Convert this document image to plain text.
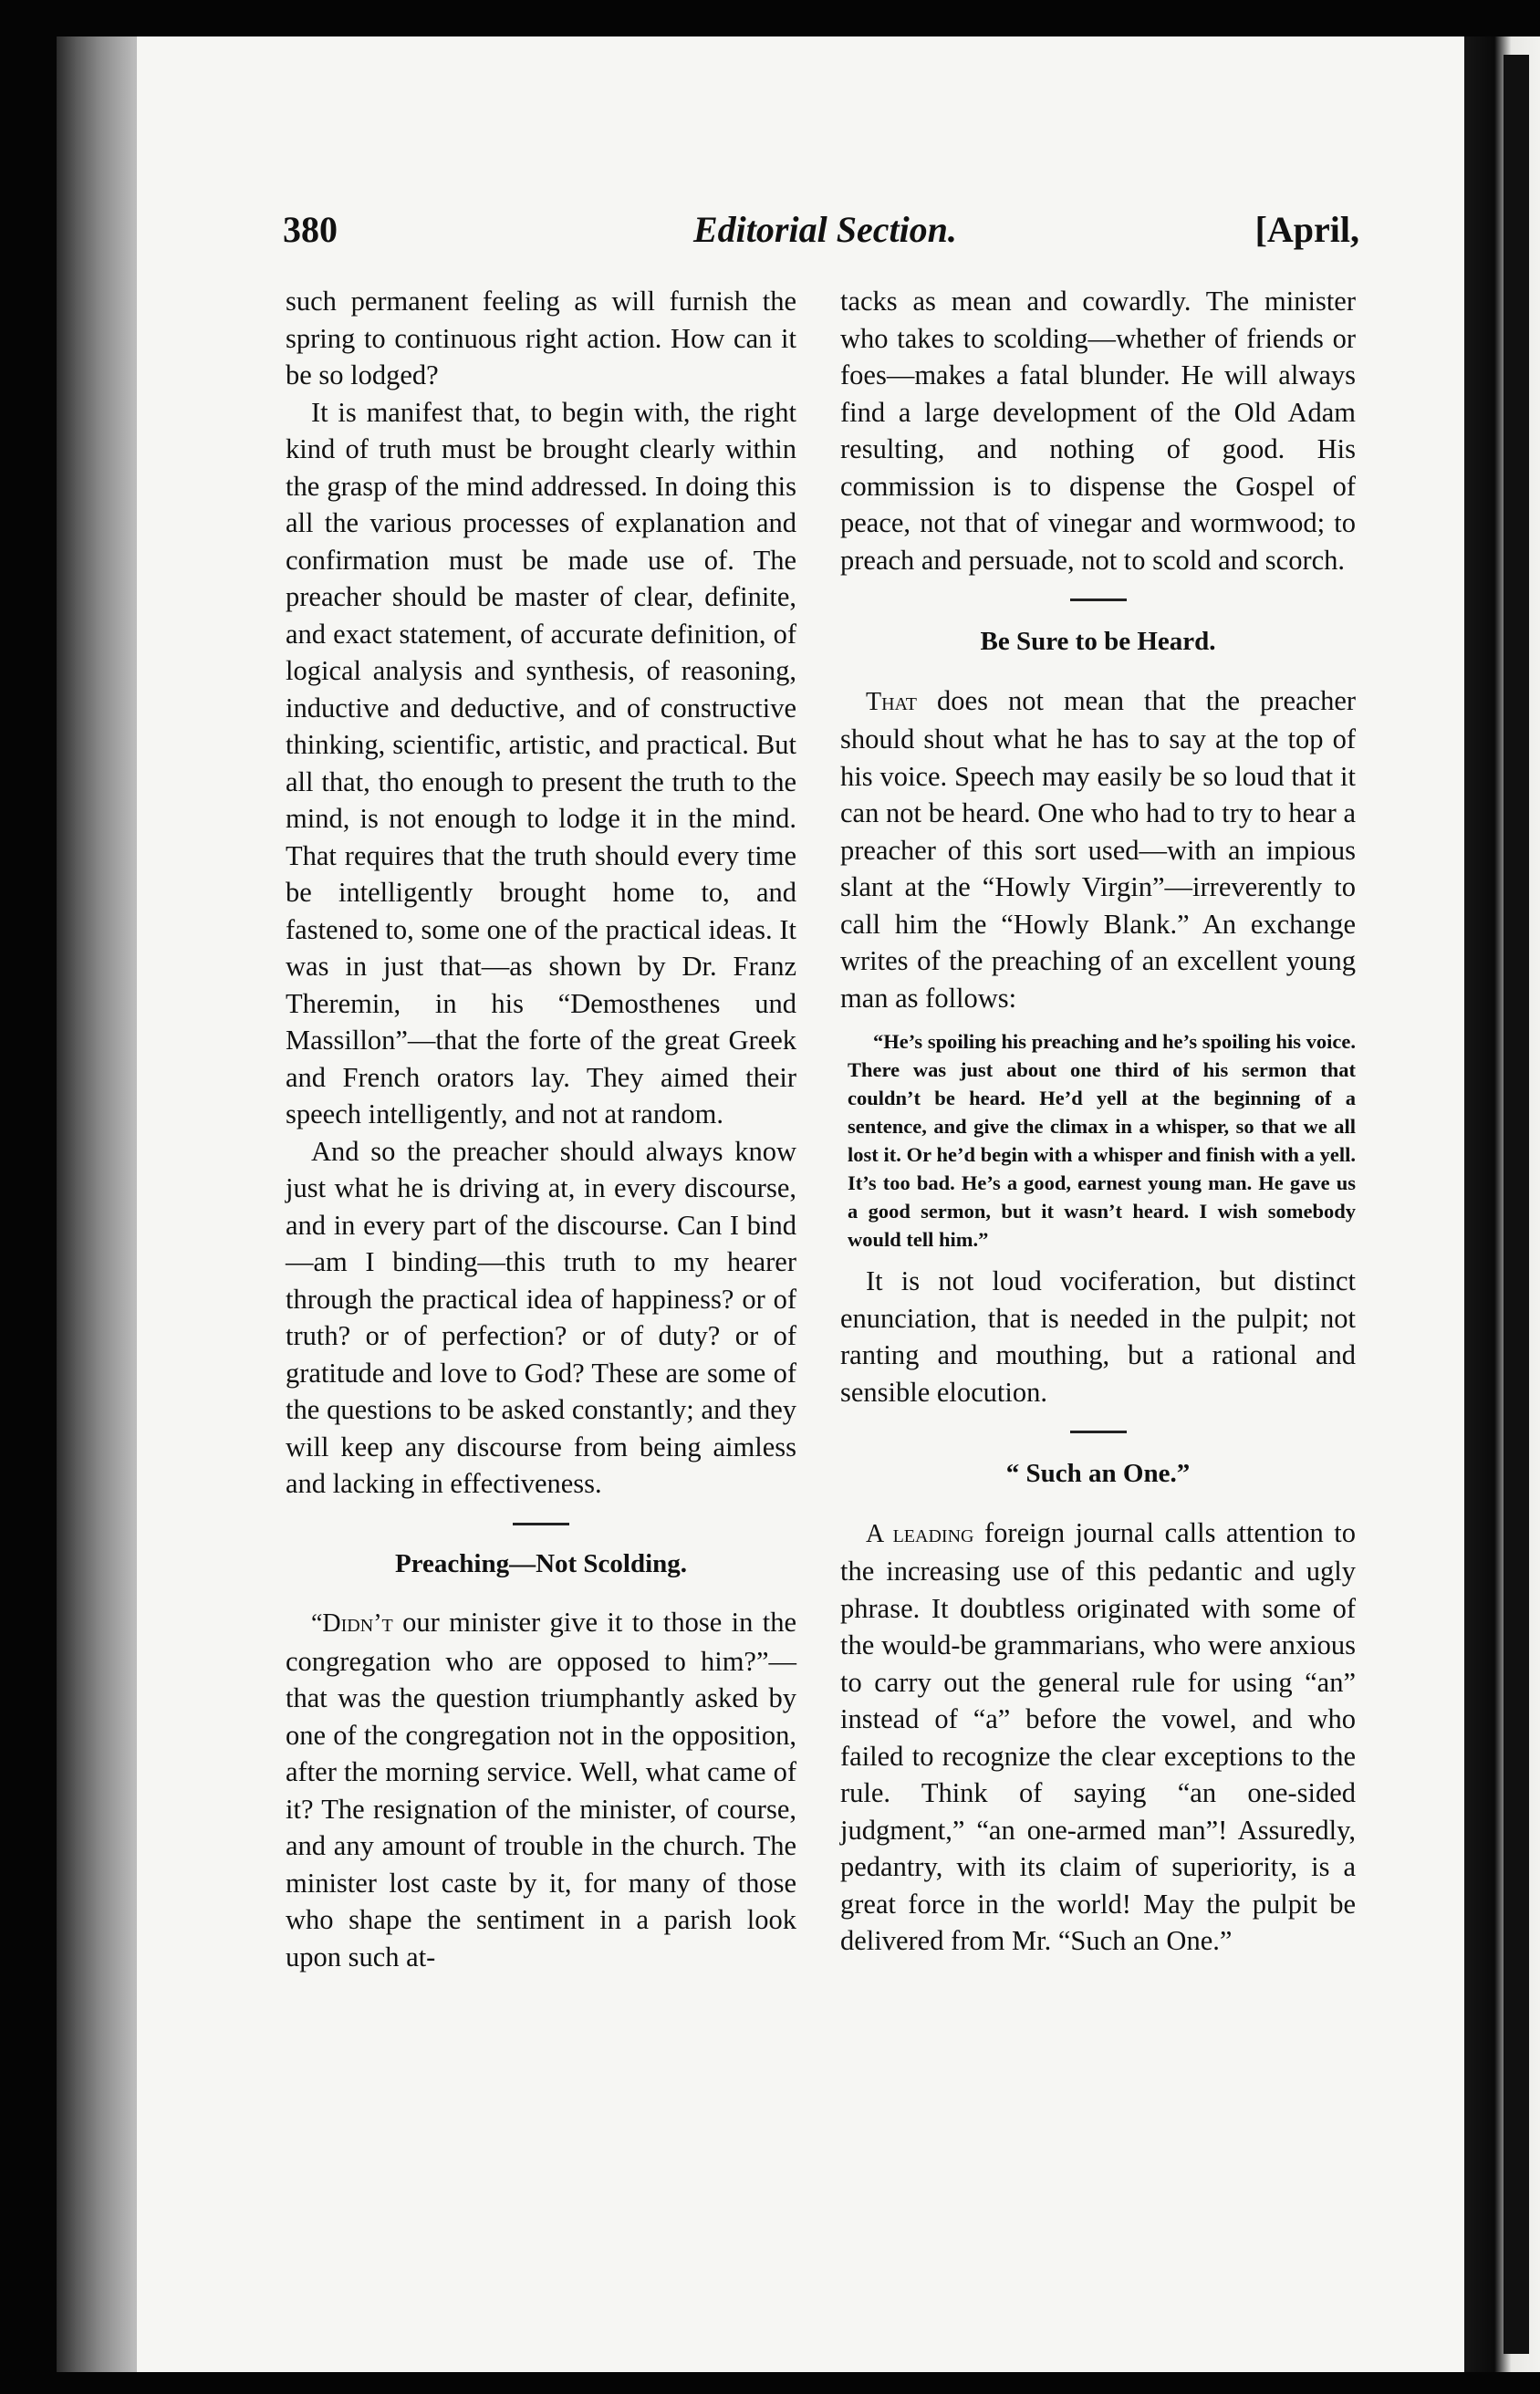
380	Editorial Section.	[April,

such permanent feeling as will furnish the spring to continuous right action. How can it be so lodged?

It is manifest that, to begin with, the right kind of truth must be brought clearly within the grasp of the mind addressed. In doing this all the various processes of explanation and confirmation must be made use of. The preacher should be master of clear, definite, and exact statement, of accurate definition, of logical analysis and synthesis, of reasoning, inductive and deductive, and of constructive thinking, scientific, artistic, and practical. But all that, tho enough to present the truth to the mind, is not enough to lodge it in the mind. That requires that the truth should every time be intelligently brought home to, and fastened to, some one of the practical ideas. It was in just that—as shown by Dr. Franz Theremin, in his “Demosthenes und Massillon”—that the forte of the great Greek and French orators lay. They aimed their speech intelligently, and not at random.

And so the preacher should always know just what he is driving at, in every discourse, and in every part of the discourse. Can I bind—am I binding—this truth to my hearer through the practical idea of happiness? or of truth? or of perfection? or of duty? or of gratitude and love to God? These are some of the questions to be asked constantly; and they will keep any discourse from being aimless and lacking in effectiveness.

Preaching—Not Scolding.

“Didn’t our minister give it to those in the congregation who are opposed to him?”—that was the question triumphantly asked by one of the congregation not in the opposition, after the morning service. Well, what came of it? The resignation of the minister, of course, and any amount of trouble in the church. The minister lost caste by it, for many of those who shape the sentiment in a parish look upon such at-

tacks as mean and cowardly. The minister who takes to scolding—whether of friends or foes—makes a fatal blunder. He will always find a large development of the Old Adam resulting, and nothing of good. His commission is to dispense the Gospel of peace, not that of vinegar and wormwood; to preach and persuade, not to scold and scorch.

Be Sure to be Heard.

That does not mean that the preacher should shout what he has to say at the top of his voice. Speech may easily be so loud that it can not be heard. One who had to try to hear a preacher of this sort used—with an impious slant at the “Howly Virgin”—irreverently to call him the “Howly Blank.” An exchange writes of the preaching of an excellent young man as follows:

“He’s spoiling his preaching and he’s spoiling his voice. There was just about one third of his sermon that couldn’t be heard. He’d yell at the beginning of a sentence, and give the climax in a whisper, so that we all lost it. Or he’d begin with a whisper and finish with a yell. It’s too bad. He’s a good, earnest young man. He gave us a good sermon, but it wasn’t heard. I wish somebody would tell him.”

It is not loud vociferation, but distinct enunciation, that is needed in the pulpit; not ranting and mouthing, but a rational and sensible elocution.

“ Such an One.”

A leading foreign journal calls attention to the increasing use of this pedantic and ugly phrase. It doubtless originated with some of the would-be grammarians, who were anxious to carry out the general rule for using “an” instead of “a” before the vowel, and who failed to recognize the clear exceptions to the rule. Think of saying “an one-sided judgment,” “an one-armed man”! Assuredly, pedantry, with its claim of superiority, is a great force in the world! May the pulpit be delivered from Mr. “Such an One.”
